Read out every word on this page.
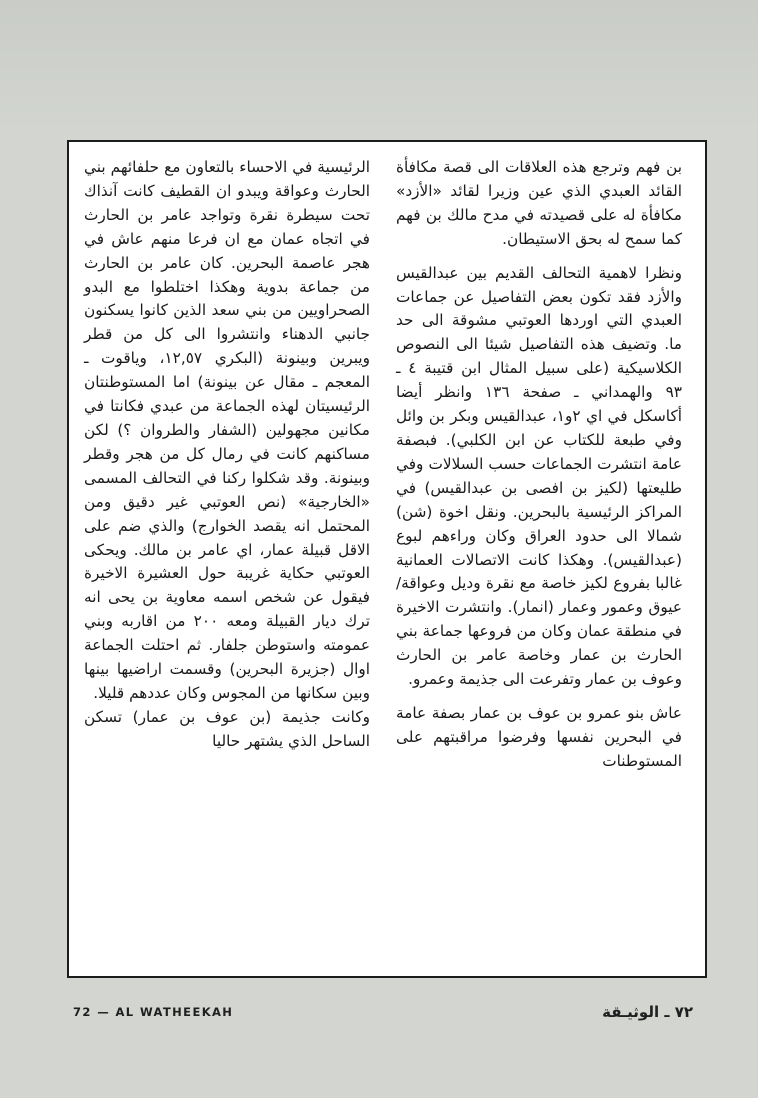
بن فهم وترجع هذه العلاقات الى قصة مكافأة القائد العبدي الذي عين وزيرا لقائد «الأزد» مكافأة له على قصيدته في مدح مالك بن فهم كما سمح له بحق الاستيطان.

ونظرا لاهمية التحالف القديم بين عبدالقيس والأزد فقد تكون بعض التفاصيل عن جماعات العبدي التي اوردها العوتبي مشوقة الى حد ما. وتضيف هذه التفاصيل شيئا الى النصوص الكلاسيكية (على سبيل المثال ابن قتيبة ٤ ـ ٩٣ والهمداني ـ صفحة ١٣٦ وانظر أيضا أكاسكل في اي ٢و١، عبدالقيس وبكر بن وائل وفي طبعة للكتاب عن ابن الكلبي). فبصفة عامة انتشرت الجماعات حسب السلالات وفي طليعتها (لكيز بن افصى بن عبدالقيس) في المراكز الرئيسية بالبحرين. ونقل اخوة (شن) شمالا الى حدود العراق وكان وراءهم لبوع (عبدالقيس). وهكذا كانت الاتصالات العمانية غالبا بفروع لكيز خاصة مع نقرة وديل وعواقة/ عيوق وعمور وعمار (انمار). وانتشرت الاخيرة في منطقة عمان وكان من فروعها جماعة بني الحارث بن عمار وخاصة عامر بن الحارث وعوف بن عمار وتفرعت الى جذيمة وعمرو.

عاش بنو عمرو بن عوف بن عمار بصفة عامة في البحرين نفسها وفرضوا مراقبتهم على المستوطنات

الرئيسية في الاحساء بالتعاون مع حلفائهم بني الحارث وعواقة ويبدو ان القطيف كانت آنذاك تحت سيطرة نقرة وتواجد عامر بن الحارث في اتجاه عمان مع ان فرعا منهم عاش في هجر عاصمة البحرين. كان عامر بن الحارث من جماعة بدوية وهكذا اختلطوا مع البدو الصحراويين من بني سعد الذين كانوا يسكنون جانبي الدهناء وانتشروا الى كل من قطر ويبرين وبينونة (البكري ١٢,٥٧، وياقوت ـ المعجم ـ مقال عن بينونة) اما المستوطنتان الرئيسيتان لهذه الجماعة من عبدي فكانتا في مكانين مجهولين (الشفار والطروان ؟) لكن مساكنهم كانت في رمال كل من هجر وقطر وبينونة. وقد شكلوا ركنا في التحالف المسمى «الخارجية» (نص العوتبي غير دقيق ومن المحتمل انه يقصد الخوارج) والذي ضم على الاقل قبيلة عمار، اي عامر بن مالك. ويحكى العوتبي حكاية غريبة حول العشيرة الاخيرة فيقول عن شخص اسمه معاوية بن يحى انه ترك ديار القبيلة ومعه ٢٠٠ من اقاربه وبني عمومته واستوطن جلفار. ثم احتلت الجماعة اوال (جزيرة البحرين) وقسمت اراضيها بينها وبين سكانها من المجوس وكان عددهم قليلا.

وكانت جذيمة (بن عوف بن عمار) تسكن الساحل الذي يشتهر حاليا

72 — AL WATHEEKAH	٧٢ ـ الوثيـقة
